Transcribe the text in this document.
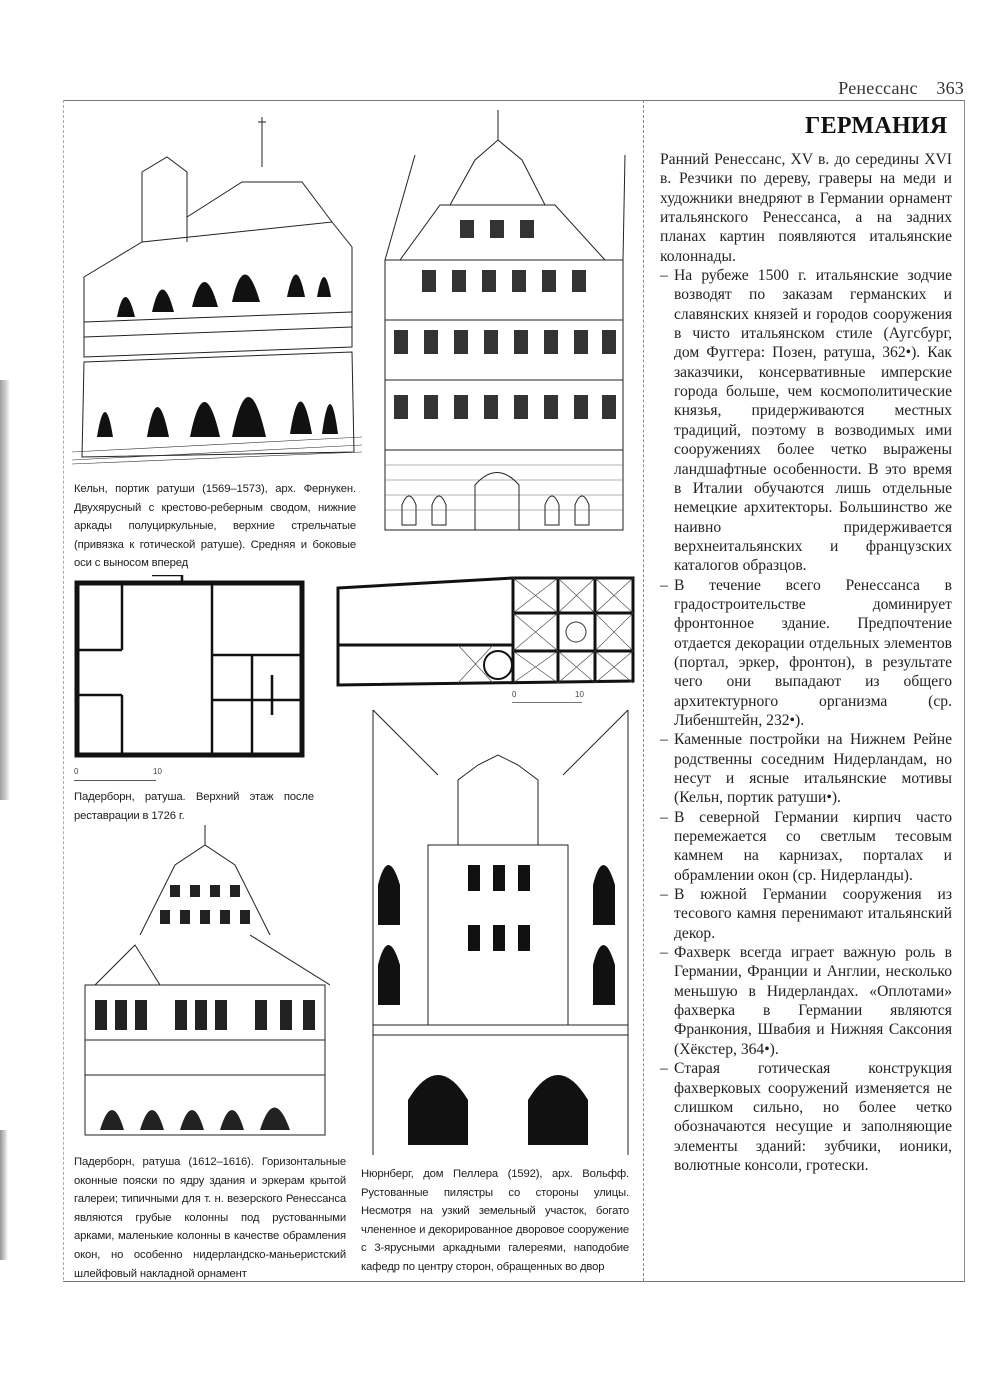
Ренессанс 363
ГЕРМАНИЯ

Ранний Ренессанс, XV в. до середины XVI в. Резчики по дереву, граверы на меди и художники внедряют в Германии орнамент итальянского Ренессанса, а на задних планах картин появляются итальянские колоннады.

– На рубеже 1500 г. итальянские зодчие возводят по заказам германских и славянских князей и городов сооружения в чисто итальянском стиле (Аугсбург, дом Фуггера: Позен, ратуша, 362•). Как заказчики, консервативные имперские города больше, чем космополитические князья, придерживаются местных традиций, поэтому в возводимых ими сооружениях более четко выражены ландшафтные особенности. В это время в Италии обучаются лишь отдельные немецкие архитекторы. Большинство же наивно придерживается верхнеитальянских и французских каталогов образцов.

– В течение всего Ренессанса в градостроительстве доминирует фронтонное здание. Предпочтение отдается декорации отдельных элементов (портал, эркер, фронтон), в результате чего они выпадают из общего архитектурного организма (ср. Либенштейн, 232•).

– Каменные постройки на Нижнем Рейне родственны соседним Нидерландам, но несут и ясные итальянские мотивы (Кельн, портик ратуши•).

– В северной Германии кирпич часто перемежается со светлым тесовым камнем на карнизах, порталах и обрамлении окон (ср. Нидерланды).

– В южной Германии сооружения из тесового камня перенимают итальянский декор.

– Фахверк всегда играет важную роль в Германии, Франции и Англии, несколько меньшую в Нидерландах. «Оплотами» фахверка в Германии являются Франкония, Швабия и Нижняя Саксония (Хёкстер, 364•).

– Старая готическая конструкция фахверковых сооружений изменяется не слишком сильно, но более четко обозначаются несущие и заполняющие элементы зданий: зубчики, ионики, волютные консоли, гротески.

Кельн, портик ратуши (1569–1573), арх. Фернукен. Двухярусный с крестово-реберным сводом, нижние аркады полуциркульные, верхние стрельчатые (привязка к готической ратуше). Средняя и боковые оси с выносом вперед
0	10
Падерборн, ратуша. Верхний этаж после реставрации в 1726 г.
0	10
Падерборн, ратуша (1612–1616). Горизонтальные оконные пояски по ядру здания и эркерам крытой галереи; типичными для т. н. везерского Ренессанса являются грубые колонны под рустованными арками, маленькие колонны в качестве обрамления окон, но особенно нидерландско-маньеристский шлейфовый накладной орнамент
Нюрнберг, дом Пеллера (1592), арх. Вольфф. Рустованные пилястры со стороны улицы. Несмотря на узкий земельный участок, богато члененное и декорированное дворовое сооружение с 3-ярусными аркадными галереями, наподобие кафедр по центру сторон, обращенных во двор
